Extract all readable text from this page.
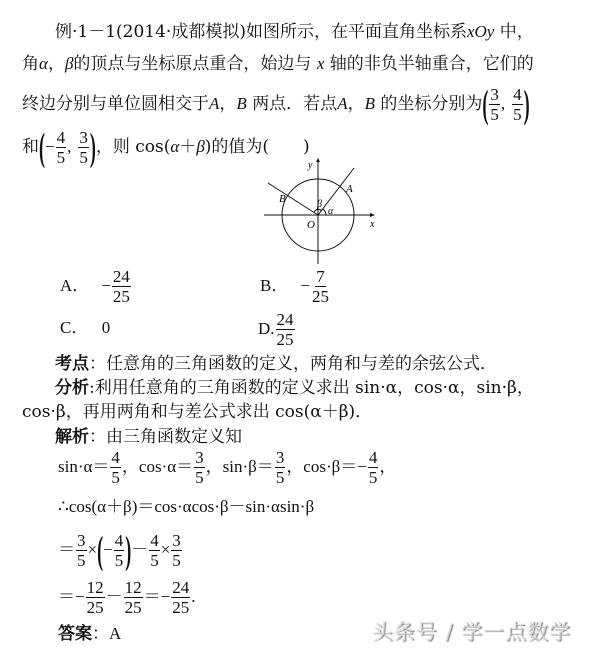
例·1－1(2014·成都模拟)如图所示，在平面直角坐标系xOy 中，
角α，β的顶点与坐标原点重合，始边与 x 轴的非负半轴重合，它们的
终边分别与单位圆相交于 A ， B
两点．若点 A ， B
的坐标分别为 ( $\frac{3}{5}$ , $\frac{4}{5}$ )
和 ( − $\frac{4}{5}$ , $\frac{3}{5}$ ) ，则 cos( α ＋ β )的值为(　　)
y
x
O
A
B
α
β
A． − $\frac{24}{25}$	B． − $\frac{7}{25}$
C． 0	D. $\frac{24}{25}$
考点：任意角的三角函数的定义，两角和与差的余弦公式．
分析:利用任意角的三角函数的定义求出 sin·α，cos·α，sin·β，
cos·β，再用两角和与差公式求出 cos(α＋β)．
解析：由三角函数定义知
$\sin\cdot\alpha= \frac{4}{5}$ ，$\cos\cdot\alpha= \frac{3}{5}$ ，$\sin\cdot\beta= \frac{3}{5}$ ，$\cos\cdot\beta=- \frac{4}{5}$ ，
∴cos(α＋β)＝cos·αcos·β－sin·αsin·β
＝ $\frac{3}{5}$ × ( − $\frac{4}{5}$ ) － $\frac{4}{5} \times \frac{3}{5}$
＝− $\frac{12}{25} - \frac{12}{25} =- \frac{24}{25}$ .
答案：A	头条号 / 学一点数学
